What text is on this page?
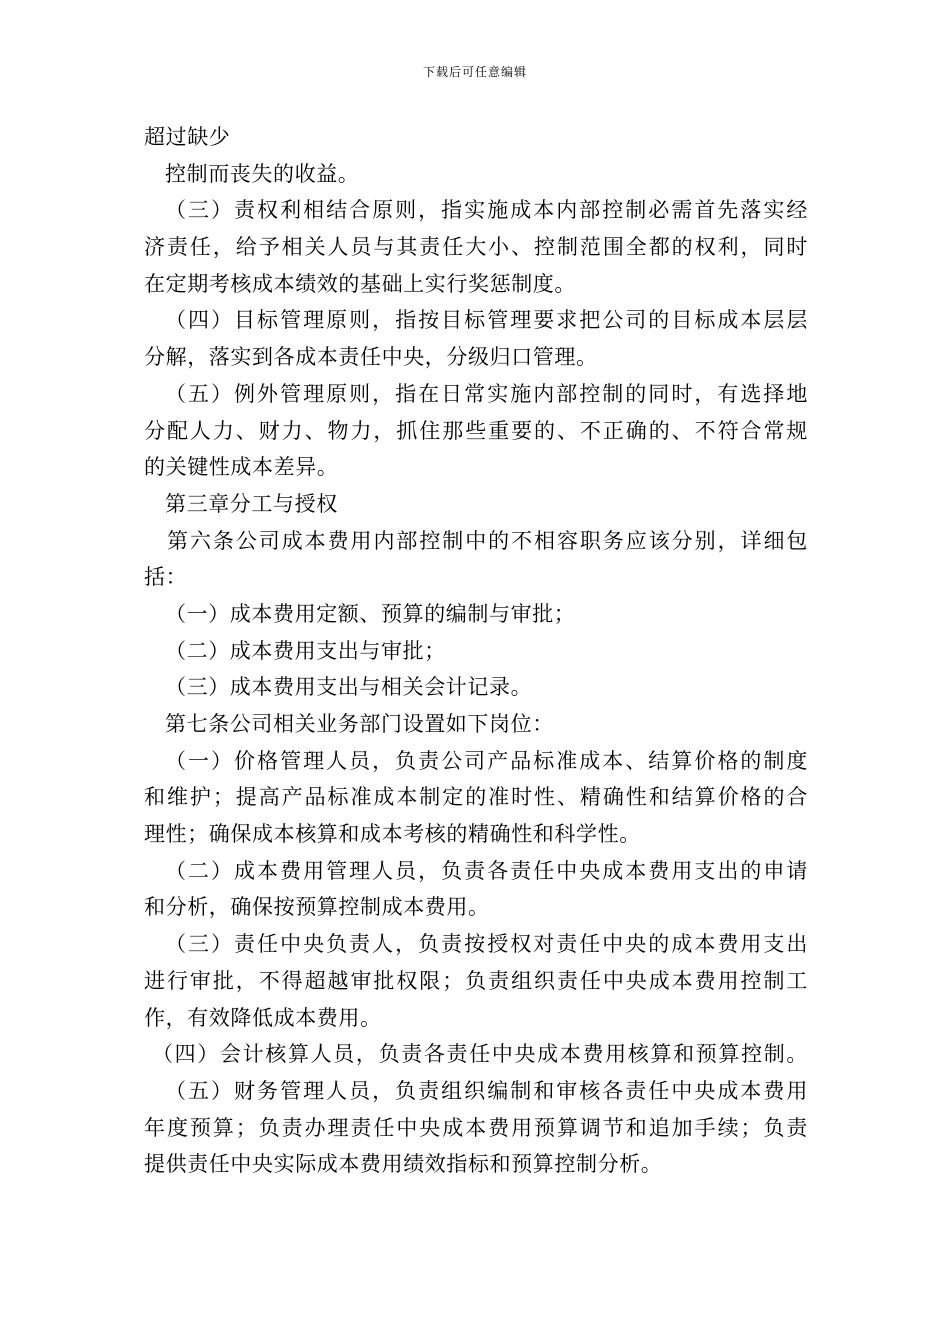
下载后可任意编辑
超过缺少
控制而丧失的收益。
（三）责权利相结合原则，指实施成本内部控制必需首先落实经
济责任，给予相关人员与其责任大小、控制范围全都的权利，同时
在定期考核成本绩效的基础上实行奖惩制度。
（四）目标管理原则，指按目标管理要求把公司的目标成本层层
分解，落实到各成本责任中央，分级归口管理。
（五）例外管理原则，指在日常实施内部控制的同时，有选择地
分配人力、财力、物力，抓住那些重要的、不正确的、不符合常规
的关键性成本差异。
第三章分工与授权
第六条公司成本费用内部控制中的不相容职务应该分别，详细包
括：
（一）成本费用定额、预算的编制与审批；
（二）成本费用支出与审批；
（三）成本费用支出与相关会计记录。
第七条公司相关业务部门设置如下岗位：
（一）价格管理人员，负责公司产品标准成本、结算价格的制度
和维护；提高产品标准成本制定的准时性、精确性和结算价格的合
理性；确保成本核算和成本考核的精确性和科学性。
（二）成本费用管理人员，负责各责任中央成本费用支出的申请
和分析，确保按预算控制成本费用。
（三）责任中央负责人，负责按授权对责任中央的成本费用支出
进行审批，不得超越审批权限；负责组织责任中央成本费用控制工
作，有效降低成本费用。
（四）会计核算人员，负责各责任中央成本费用核算和预算控制。
（五）财务管理人员，负责组织编制和审核各责任中央成本费用
年度预算；负责办理责任中央成本费用预算调节和追加手续；负责
提供责任中央实际成本费用绩效指标和预算控制分析。
